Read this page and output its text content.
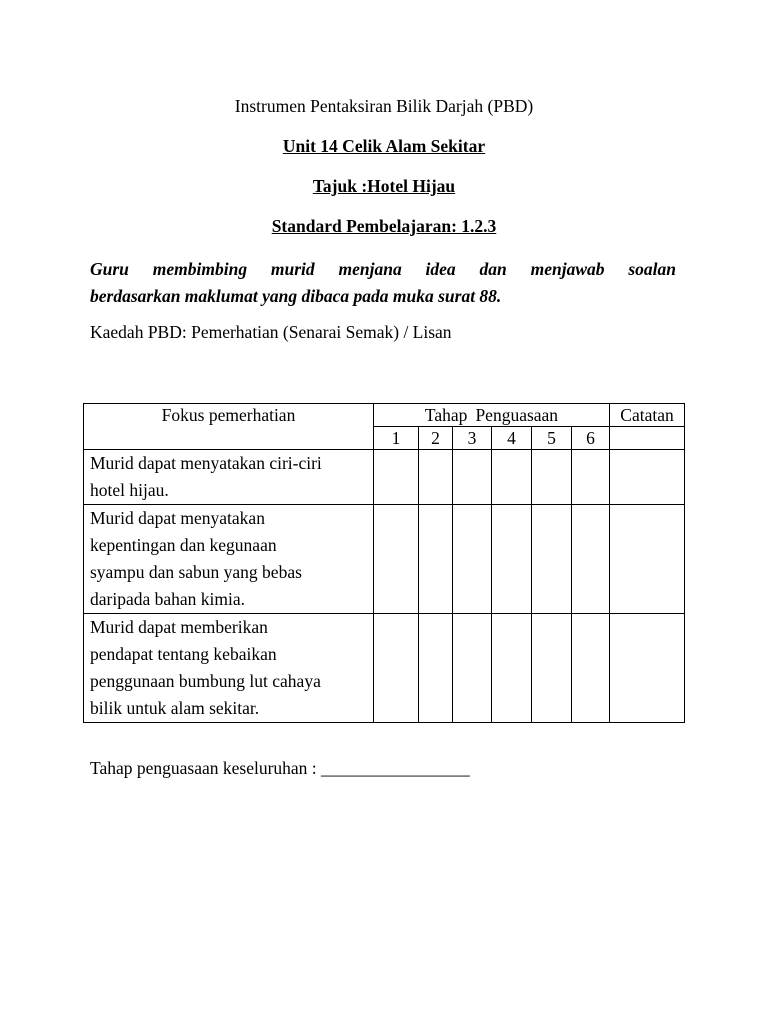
Instrumen Pentaksiran Bilik Darjah (PBD)
Unit 14 Celik Alam Sekitar
Tajuk :Hotel Hijau
Standard Pembelajaran: 1.2.3
Guru membimbing murid menjana idea dan menjawab soalan
berdasarkan maklumat yang dibaca pada muka surat 88.
Kaedah PBD: Pemerhatian (Senarai Semak) / Lisan
Fokus pemerhatian	Tahap Penguasaan						Catatan
	1	2	3	4	5	6	

Murid dapat menyatakan ciri-ciri
hotel hijau.							

Murid dapat menyatakan
kepentingan dan kegunaan
syampu dan sabun yang bebas
daripada bahan kimia.							

Murid dapat memberikan
pendapat tentang kebaikan
penggunaan bumbung lut cahaya
bilik untuk alam sekitar.							

Tahap penguasaan keseluruhan : _________________
